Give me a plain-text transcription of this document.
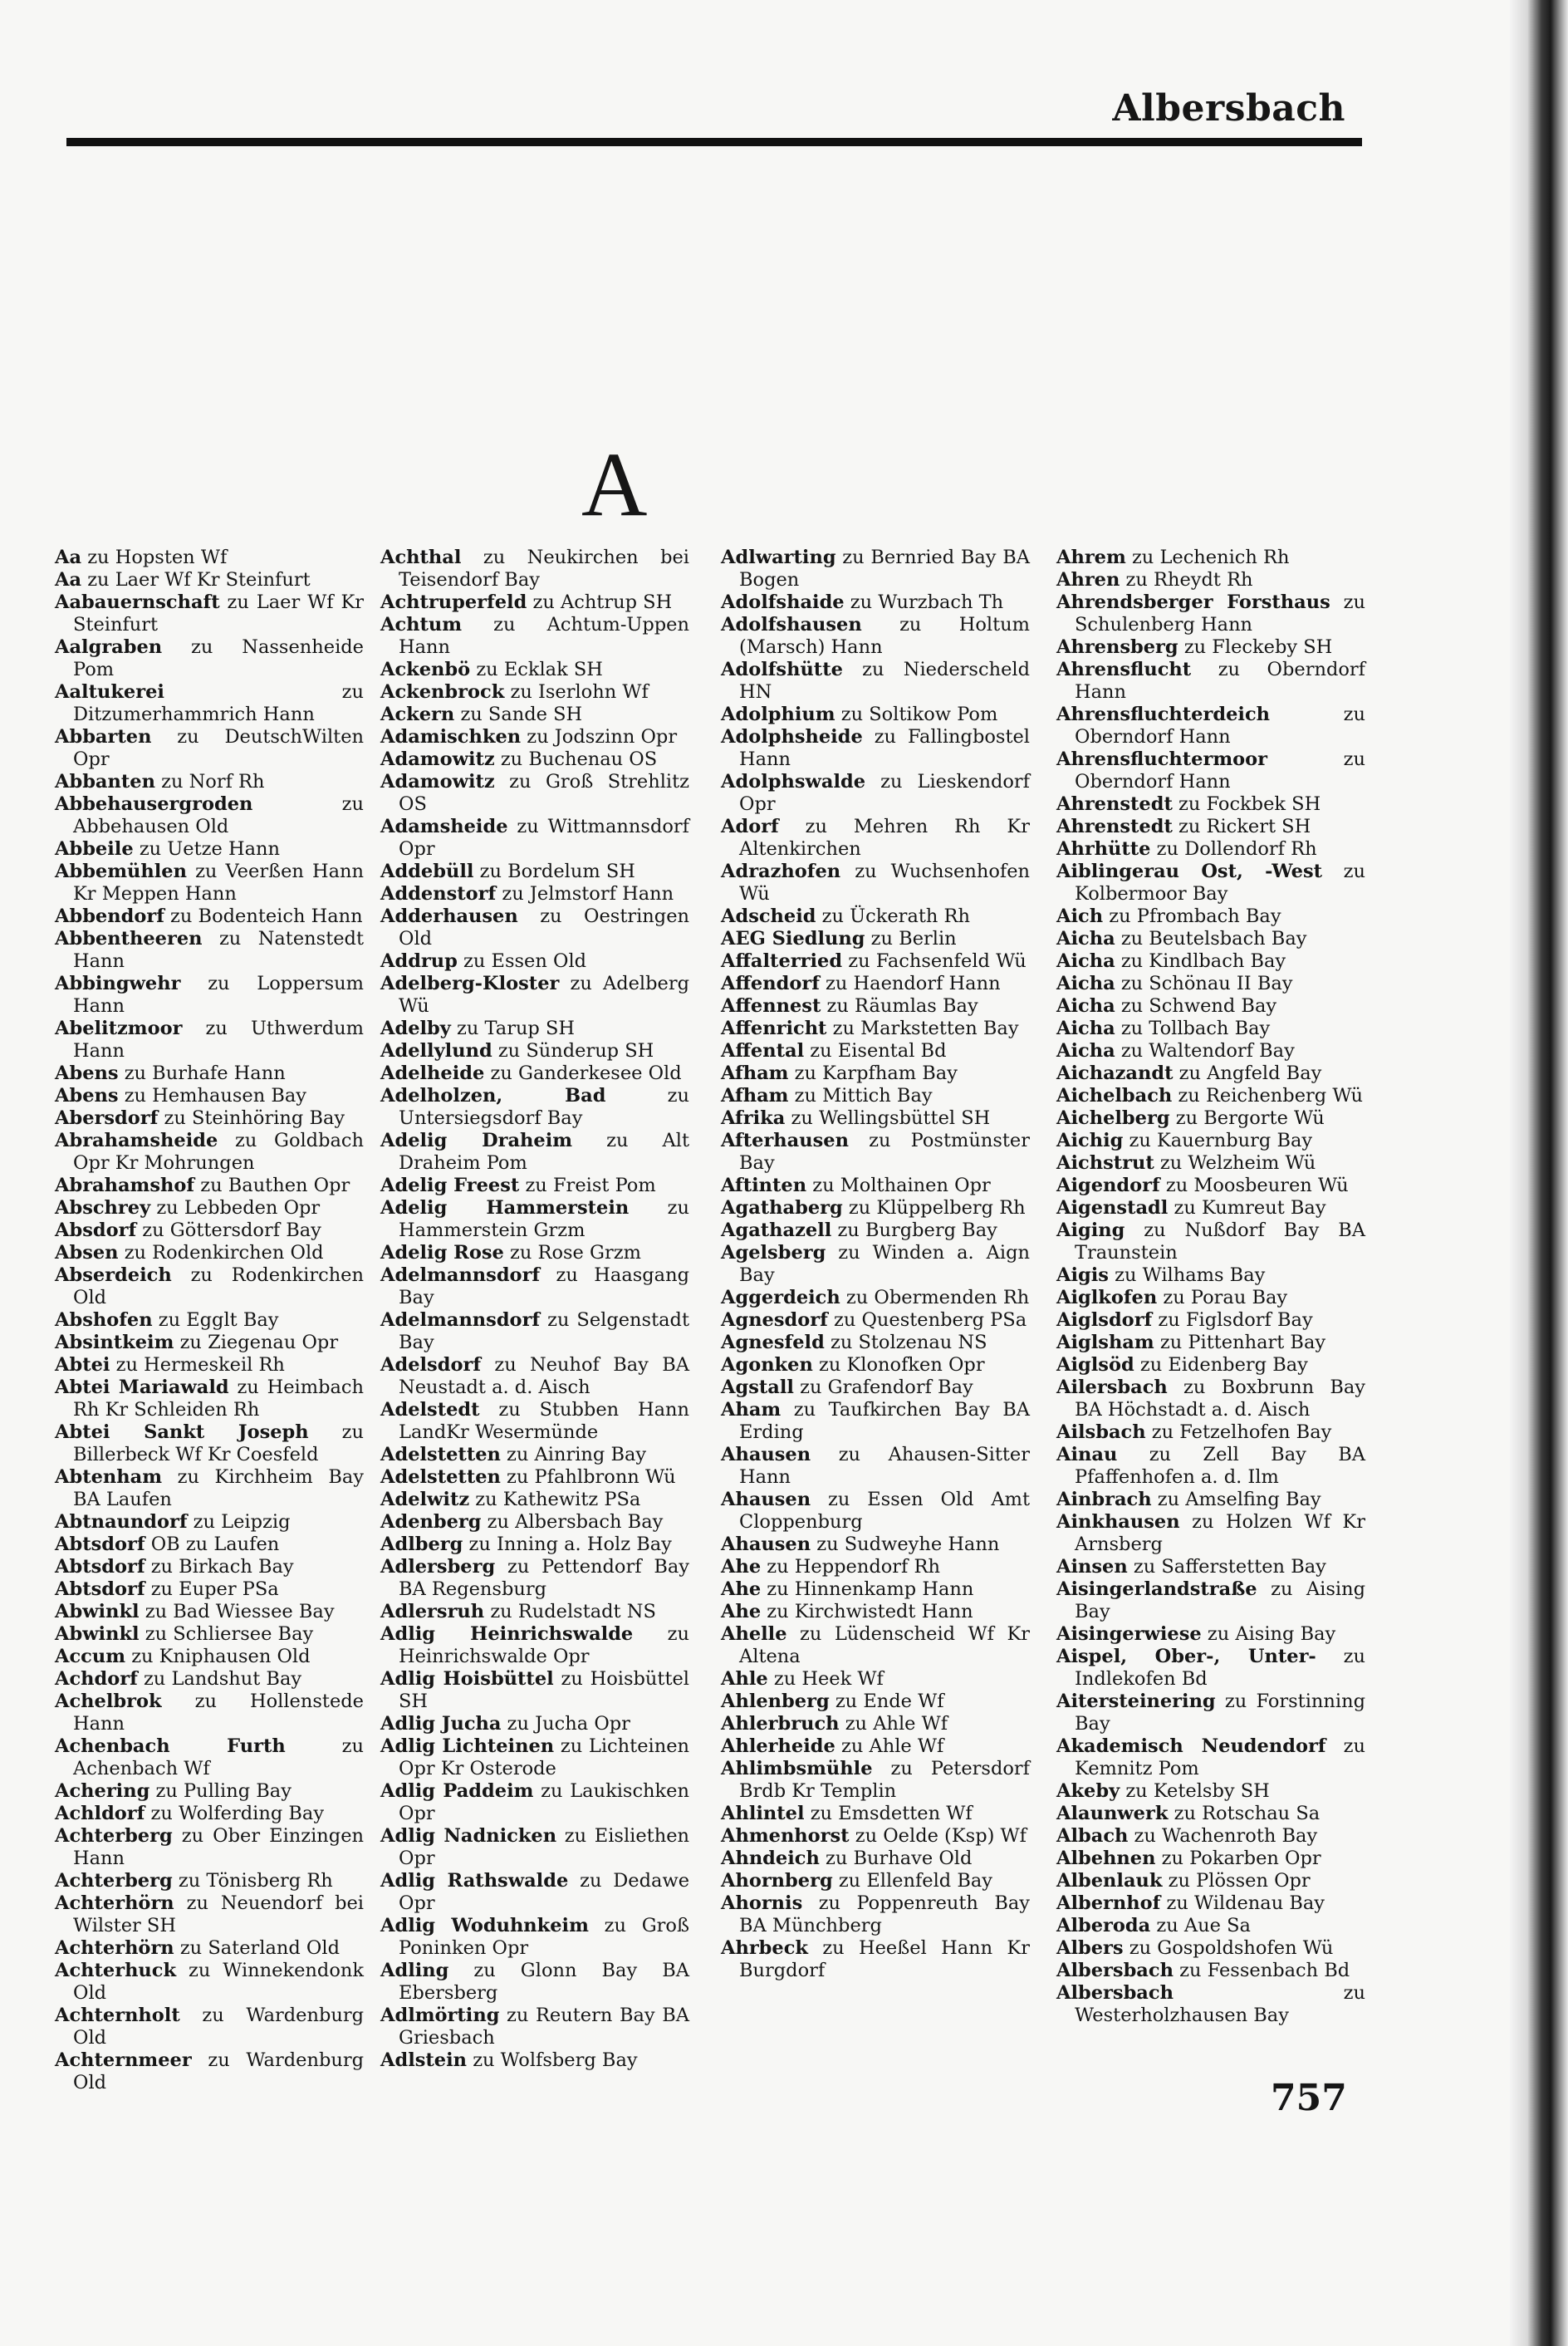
Albersbach
A

Aa zu Hopsten Wf

Aa zu Laer Wf Kr Steinfurt

Aabauernschaft zu Laer Wf Kr Steinfurt

Aalgraben zu Nassenheide Pom

Aaltukerei	zu Ditzumerhammrich Hann

Abbarten zu DeutschWilten Opr

Abbanten zu Norf Rh

Abbehausergroden	zu Abbehausen Old

Abbeile zu Uetze Hann

Abbemühlen zu Veerßen Hann Kr Meppen Hann

Abbendorf zu Bodenteich Hann

Abbentheeren zu Natenstedt Hann

Abbingwehr zu Loppersum Hann

Abelitzmoor zu Uthwerdum Hann

Abens zu Burhafe Hann

Abens zu Hemhausen Bay

Abersdorf zu Steinhöring Bay

Abrahamsheide zu Goldbach Opr Kr Mohrungen

Abrahamshof zu Bauthen Opr

Abschrey zu Lebbeden Opr

Absdorf zu Göttersdorf Bay

Absen zu Rodenkirchen Old

Abserdeich zu Rodenkirchen Old

Abshofen zu Egglt Bay

Absintkeim zu Ziegenau Opr

Abtei zu Hermeskeil Rh

Abtei Mariawald zu Heimbach Rh Kr Schleiden Rh

Abtei Sankt Joseph zu Billerbeck Wf Kr Coesfeld

Abtenham zu Kirchheim Bay BA Laufen

Abtnaundorf zu Leipzig

Abtsdorf OB zu Laufen

Abtsdorf zu Birkach Bay

Abtsdorf zu Euper PSa

Abwinkl zu Bad Wiessee Bay

Abwinkl zu Schliersee Bay

Accum zu Kniphausen Old

Achdorf zu Landshut Bay

Achelbrok zu Hollenstede Hann

Achenbach Furth	zu Achenbach Wf

Achering zu Pulling Bay

Achldorf zu Wolferding Bay

Achterberg zu Ober Einzingen Hann

Achterberg zu Tönisberg Rh

Achterhörn zu Neuendorf bei Wilster SH

Achterhörn zu Saterland Old

Achterhuck zu Winnekendonk Old

Achternholt zu Wardenburg Old

Achternmeer zu Wardenburg Old

Achthal zu Neukirchen bei Teisendorf Bay

Achtruperfeld zu Achtrup SH

Achtum zu Achtum-Uppen Hann

Ackenbö zu Ecklak SH

Ackenbrock zu Iserlohn Wf

Ackern zu Sande SH

Adamischken zu Jodszinn Opr

Adamowitz zu Buchenau OS

Adamowitz zu Groß Strehlitz OS

Adamsheide zu Wittmannsdorf Opr

Addebüll zu Bordelum SH

Addenstorf zu Jelmstorf Hann

Adderhausen zu Oestringen Old

Addrup zu Essen Old

Adelberg-Kloster zu Adelberg Wü

Adelby zu Tarup SH

Adellylund zu Sünderup SH

Adelheide zu Ganderkesee Old

Adelholzen, Bad	zu Untersiegsdorf Bay

Adelig Draheim zu Alt Draheim Pom

Adelig Freest zu Freist Pom

Adelig Hammerstein zu Hammerstein Grzm

Adelig Rose zu Rose Grzm

Adelmannsdorf zu Haasgang Bay

Adelmannsdorf zu Selgenstadt Bay

Adelsdorf zu Neuhof Bay BA Neustadt a. d. Aisch

Adelstedt zu Stubben Hann LandKr Wesermünde

Adelstetten zu Ainring Bay

Adelstetten zu Pfahlbronn Wü

Adelwitz zu Kathewitz PSa

Adenberg zu Albersbach Bay

Adlberg zu Inning a. Holz Bay

Adlersberg zu Pettendorf Bay BA Regensburg

Adlersruh zu Rudelstadt NS

Adlig Heinrichswalde zu Heinrichswalde Opr

Adlig Hoisbüttel zu Hoisbüttel SH

Adlig Jucha zu Jucha Opr

Adlig Lichteinen zu Lichteinen Opr Kr Osterode

Adlig Paddeim zu Laukischken Opr

Adlig Nadnicken zu Eisliethen Opr

Adlig Rathswalde zu Dedawe Opr

Adlig Woduhnkeim zu Groß Poninken Opr

Adling zu Glonn Bay BA Ebersberg

Adlmörting zu Reutern Bay BA Griesbach

Adlstein zu Wolfsberg Bay

Adlwarting zu Bernried Bay BA Bogen

Adolfshaide zu Wurzbach Th

Adolfshausen zu Holtum (Marsch) Hann

Adolfshütte zu Niederscheld HN

Adolphium zu Soltikow Pom

Adolphsheide zu Fallingbostel Hann

Adolphswalde zu Lieskendorf Opr

Adorf zu Mehren Rh Kr Altenkirchen

Adrazhofen zu Wuchsenhofen Wü

Adscheid zu Ückerath Rh

AEG Siedlung zu Berlin

Affalterried zu Fachsenfeld Wü

Affendorf zu Haendorf Hann

Affennest zu Räumlas Bay

Affenricht zu Markstetten Bay

Affental zu Eisental Bd

Afham zu Karpfham Bay

Afham zu Mittich Bay

Afrika zu Wellingsbüttel SH

Afterhausen zu Postmünster Bay

Aftinten zu Molthainen Opr

Agathaberg zu Klüppelberg Rh

Agathazell zu Burgberg Bay

Agelsberg zu Winden a. Aign Bay

Aggerdeich zu Obermenden Rh

Agnesdorf zu Questenberg PSa

Agnesfeld zu Stolzenau NS

Agonken zu Klonofken Opr

Agstall zu Grafendorf Bay

Aham zu Taufkirchen Bay BA Erding

Ahausen zu Ahausen-Sitter Hann

Ahausen zu Essen Old Amt Cloppenburg

Ahausen zu Sudweyhe Hann

Ahe zu Heppendorf Rh

Ahe zu Hinnenkamp Hann

Ahe zu Kirchwistedt Hann

Ahelle zu Lüdenscheid Wf Kr Altena

Ahle zu Heek Wf

Ahlenberg zu Ende Wf

Ahlerbruch zu Ahle Wf

Ahlerheide zu Ahle Wf

Ahlimbsmühle zu Petersdorf Brdb Kr Templin

Ahlintel zu Emsdetten Wf

Ahmenhorst zu Oelde (Ksp) Wf

Ahndeich zu Burhave Old

Ahornberg zu Ellenfeld Bay

Ahornis zu Poppenreuth Bay BA Münchberg

Ahrbeck zu Heeßel Hann Kr Burgdorf

Ahrem zu Lechenich Rh

Ahren zu Rheydt Rh

Ahrendsberger Forsthaus zu Schulenberg Hann

Ahrensberg zu Fleckeby SH

Ahrensflucht zu Oberndorf Hann

Ahrensfluchterdeich	zu Oberndorf Hann

Ahrensfluchtermoor	zu Oberndorf Hann

Ahrenstedt zu Fockbek SH

Ahrenstedt zu Rickert SH

Ahrhütte zu Dollendorf Rh

Aiblingerau Ost, -West zu Kolbermoor Bay

Aich zu Pfrombach Bay

Aicha zu Beutelsbach Bay

Aicha zu Kindlbach Bay

Aicha zu Schönau II Bay

Aicha zu Schwend Bay

Aicha zu Tollbach Bay

Aicha zu Waltendorf Bay

Aichazandt zu Angfeld Bay

Aichelbach zu Reichenberg Wü

Aichelberg zu Bergorte Wü

Aichig zu Kauernburg Bay

Aichstrut zu Welzheim Wü

Aigendorf zu Moosbeuren Wü

Aigenstadl zu Kumreut Bay

Aiging zu Nußdorf Bay BA Traunstein

Aigis zu Wilhams Bay

Aiglkofen zu Porau Bay

Aiglsdorf zu Figlsdorf Bay

Aiglsham zu Pittenhart Bay

Aiglsöd zu Eidenberg Bay

Ailersbach zu Boxbrunn Bay BA Höchstadt a. d. Aisch

Ailsbach zu Fetzelhofen Bay

Ainau zu Zell Bay BA Pfaffenhofen a. d. Ilm

Ainbrach zu Amselfing Bay

Ainkhausen zu Holzen Wf Kr Arnsberg

Ainsen zu Safferstetten Bay

Aisingerlandstraße zu Aising Bay

Aisingerwiese zu Aising Bay

Aispel, Ober-, Unter- zu Indlekofen Bd

Aitersteinering zu Forstinning Bay

Akademisch Neudendorf zu Kemnitz Pom

Akeby zu Ketelsby SH

Alaunwerk zu Rotschau Sa

Albach zu Wachenroth Bay

Albehnen zu Pokarben Opr

Albenlauk zu Plössen Opr

Albernhof zu Wildenau Bay

Alberoda zu Aue Sa

Albers zu Gospoldshofen Wü

Albersbach zu Fessenbach Bd

Albersbach	zu Westerholzhausen Bay

757
